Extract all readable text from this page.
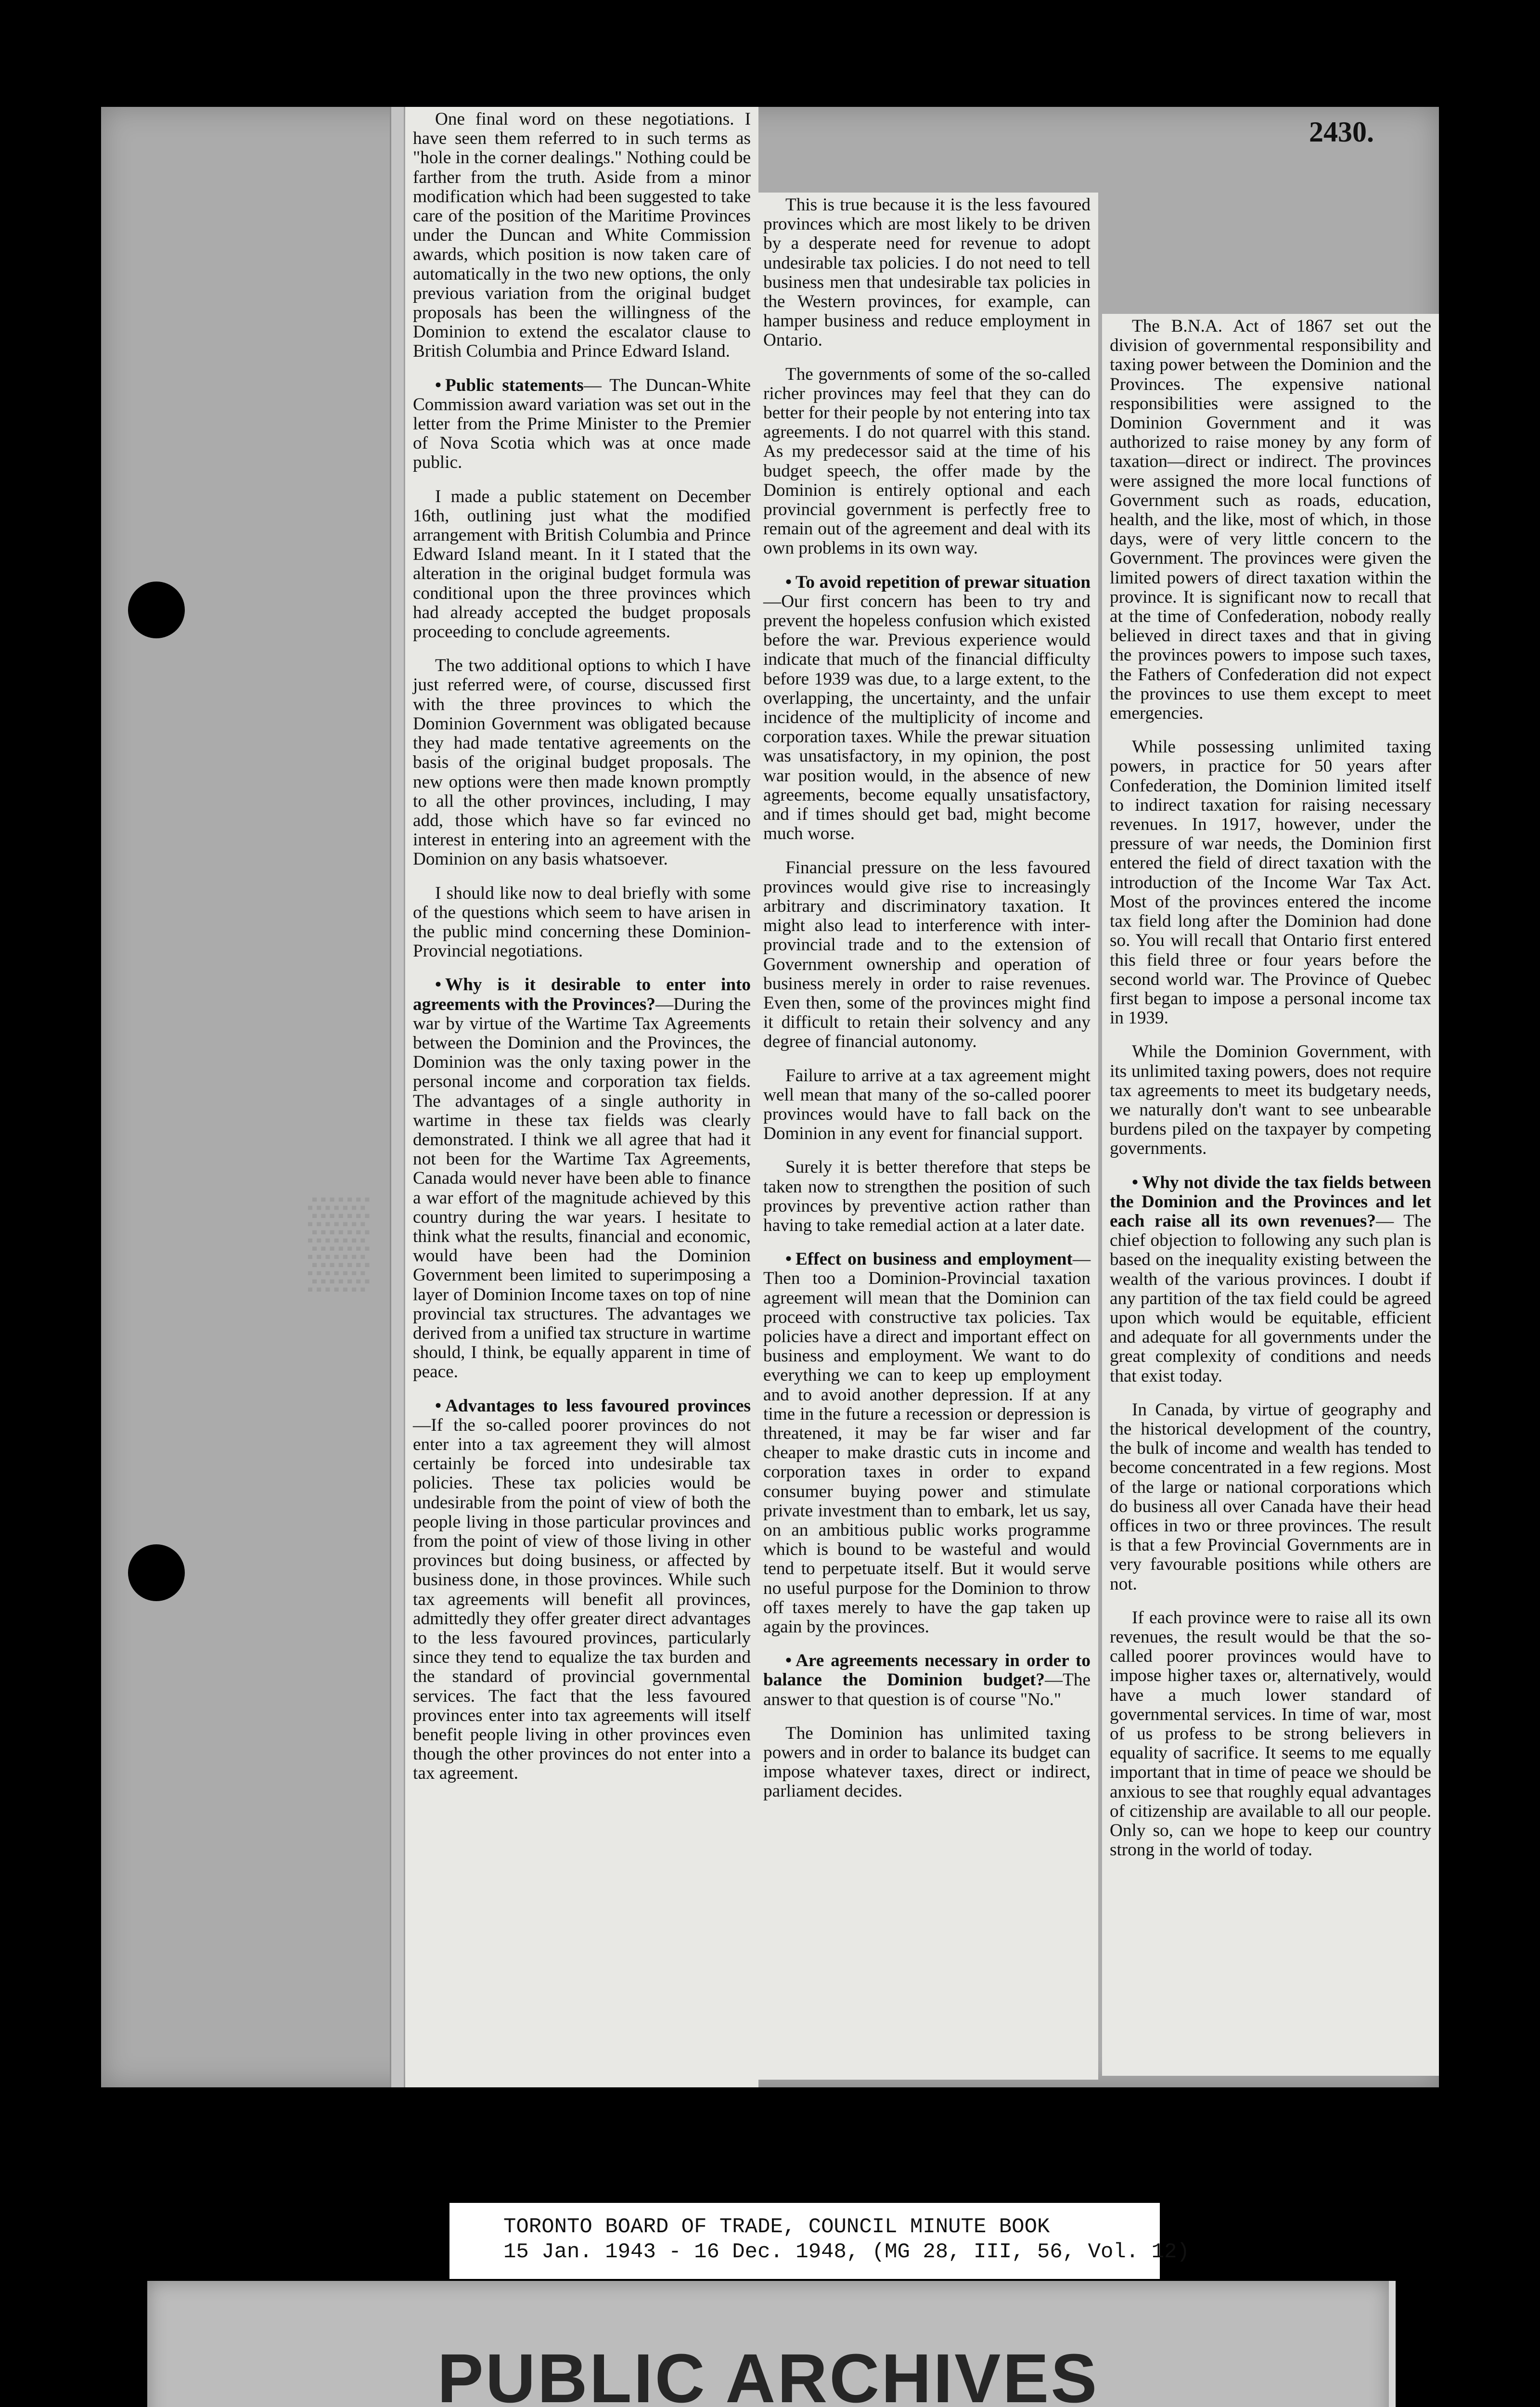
▒
2430.

One final word on these negotiations. I have seen them referred to in such terms as "hole in the corner dealings." Nothing could be farther from the truth. Aside from a minor modification which had been suggested to take care of the position of the Maritime Provinces under the Duncan and White Commission awards, which position is now taken care of automatically in the two new options, the only previous variation from the original budget proposals has been the willingness of the Dominion to extend the escalator clause to British Columbia and Prince Edward Island.

• Public statements— The Duncan-White Commission award variation was set out in the letter from the Prime Minister to the Premier of Nova Scotia which was at once made public.

I made a public statement on December 16th, outlining just what the modified arrangement with British Columbia and Prince Edward Island meant. In it I stated that the alteration in the original budget formula was conditional upon the three provinces which had already accepted the budget proposals proceeding to conclude agreements.

The two additional options to which I have just referred were, of course, discussed first with the three provinces to which the Dominion Government was obligated because they had made tentative agreements on the basis of the original budget proposals. The new options were then made known promptly to all the other provinces, including, I may add, those which have so far evinced no interest in entering into an agreement with the Dominion on any basis whatsoever.

I should like now to deal briefly with some of the questions which seem to have arisen in the public mind concerning these Dominion-Provincial negotiations.

• Why is it desirable to enter into agreements with the Provinces?—During the war by virtue of the Wartime Tax Agreements between the Dominion and the Provinces, the Dominion was the only taxing power in the personal income and corporation tax fields. The advantages of a single authority in wartime in these tax fields was clearly demonstrated. I think we all agree that had it not been for the Wartime Tax Agreements, Canada would never have been able to finance a war effort of the magnitude achieved by this country during the war years. I hesitate to think what the results, financial and economic, would have been had the Dominion Government been limited to superimposing a layer of Dominion Income taxes on top of nine provincial tax structures. The advantages we derived from a unified tax structure in wartime should, I think, be equally apparent in time of peace.

• Advantages to less favoured provinces—If the so-called poorer provinces do not enter into a tax agreement they will almost certainly be forced into undesirable tax policies. These tax policies would be undesirable from the point of view of both the people living in those particular provinces and from the point of view of those living in other provinces but doing business, or affected by business done, in those provinces. While such tax agreements will benefit all provinces, admittedly they offer greater direct advantages to the less favoured provinces, particularly since they tend to equalize the tax burden and the standard of provincial governmental services. The fact that the less favoured provinces enter into tax agreements will itself benefit people living in other provinces even though the other provinces do not enter into a tax agreement.

This is true because it is the less favoured provinces which are most likely to be driven by a desperate need for revenue to adopt undesirable tax policies. I do not need to tell business men that undesirable tax policies in the Western provinces, for example, can hamper business and reduce employment in Ontario.

The governments of some of the so-called richer provinces may feel that they can do better for their people by not entering into tax agreements. I do not quarrel with this stand. As my predecessor said at the time of his budget speech, the offer made by the Dominion is entirely optional and each provincial government is perfectly free to remain out of the agreement and deal with its own problems in its own way.

• To avoid repetition of prewar situation—Our first concern has been to try and prevent the hopeless confusion which existed before the war. Previous experience would indicate that much of the financial difficulty before 1939 was due, to a large extent, to the overlapping, the uncertainty, and the unfair incidence of the multiplicity of income and corporation taxes. While the prewar situation was unsatisfactory, in my opinion, the post war position would, in the absence of new agreements, become equally unsatisfactory, and if times should get bad, might become much worse.

Financial pressure on the less favoured provinces would give rise to increasingly arbitrary and discriminatory taxation. It might also lead to interference with inter-provincial trade and to the extension of Government ownership and operation of business merely in order to raise revenues. Even then, some of the provinces might find it difficult to retain their solvency and any degree of financial autonomy.

Failure to arrive at a tax agreement might well mean that many of the so-called poorer provinces would have to fall back on the Dominion in any event for financial support.

Surely it is better therefore that steps be taken now to strengthen the position of such provinces by preventive action rather than having to take remedial action at a later date.

• Effect on business and employment— Then too a Dominion-Provincial taxation agreement will mean that the Dominion can proceed with constructive tax policies. Tax policies have a direct and important effect on business and employment. We want to do everything we can to keep up employment and to avoid another depression. If at any time in the future a recession or depression is threatened, it may be far wiser and far cheaper to make drastic cuts in income and corporation taxes in order to expand consumer buying power and stimulate private investment than to embark, let us say, on an ambitious public works programme which is bound to be wasteful and would tend to perpetuate itself. But it would serve no useful purpose for the Dominion to throw off taxes merely to have the gap taken up again by the provinces.

• Are agreements necessary in order to balance the Dominion budget?—The answer to that question is of course "No."

The Dominion has unlimited taxing powers and in order to balance its budget can impose whatever taxes, direct or indirect, parliament decides.

The B.N.A. Act of 1867 set out the division of governmental responsibility and taxing power between the Dominion and the Provinces. The expensive national responsibilities were assigned to the Dominion Government and it was authorized to raise money by any form of taxation—direct or indirect. The provinces were assigned the more local functions of Government such as roads, education, health, and the like, most of which, in those days, were of very little concern to the Government. The provinces were given the limited powers of direct taxation within the province. It is significant now to recall that at the time of Confederation, nobody really believed in direct taxes and that in giving the provinces powers to impose such taxes, the Fathers of Confederation did not expect the provinces to use them except to meet emergencies.

While possessing unlimited taxing powers, in practice for 50 years after Confederation, the Dominion limited itself to indirect taxation for raising necessary revenues. In 1917, however, under the pressure of war needs, the Dominion first entered the field of direct taxation with the introduction of the Income War Tax Act. Most of the provinces entered the income tax field long after the Dominion had done so. You will recall that Ontario first entered this field three or four years before the second world war. The Province of Quebec first began to impose a personal income tax in 1939.

While the Dominion Government, with its unlimited taxing powers, does not require tax agreements to meet its budgetary needs, we naturally don't want to see unbearable burdens piled on the taxpayer by competing governments.

• Why not divide the tax fields between the Dominion and the Provinces and let each raise all its own revenues?— The chief objection to following any such plan is based on the inequality existing between the wealth of the various provinces. I doubt if any partition of the tax field could be agreed upon which would be equitable, efficient and adequate for all governments under the great complexity of conditions and needs that exist today.

In Canada, by virtue of geography and the historical development of the country, the bulk of income and wealth has tended to become concentrated in a few regions. Most of the large or national corporations which do business all over Canada have their head offices in two or three provinces. The result is that a few Provincial Governments are in very favourable positions while others are not.

If each province were to raise all its own revenues, the result would be that the so-called poorer provinces would have to impose higher taxes or, alternatively, would have a much lower standard of governmental services. In time of war, most of us profess to be strong believers in equality of sacrifice. It seems to me equally important that in time of peace we should be anxious to see that roughly equal advantages of citizenship are available to all our people. Only so, can we hope to keep our country strong in the world of today.

TORONTO BOARD OF TRADE, COUNCIL MINUTE BOOK
15 Jan. 1943 - 16 Dec. 1948, (MG 28, III, 56, Vol. 12)
PUBLIC ARCHIVES
